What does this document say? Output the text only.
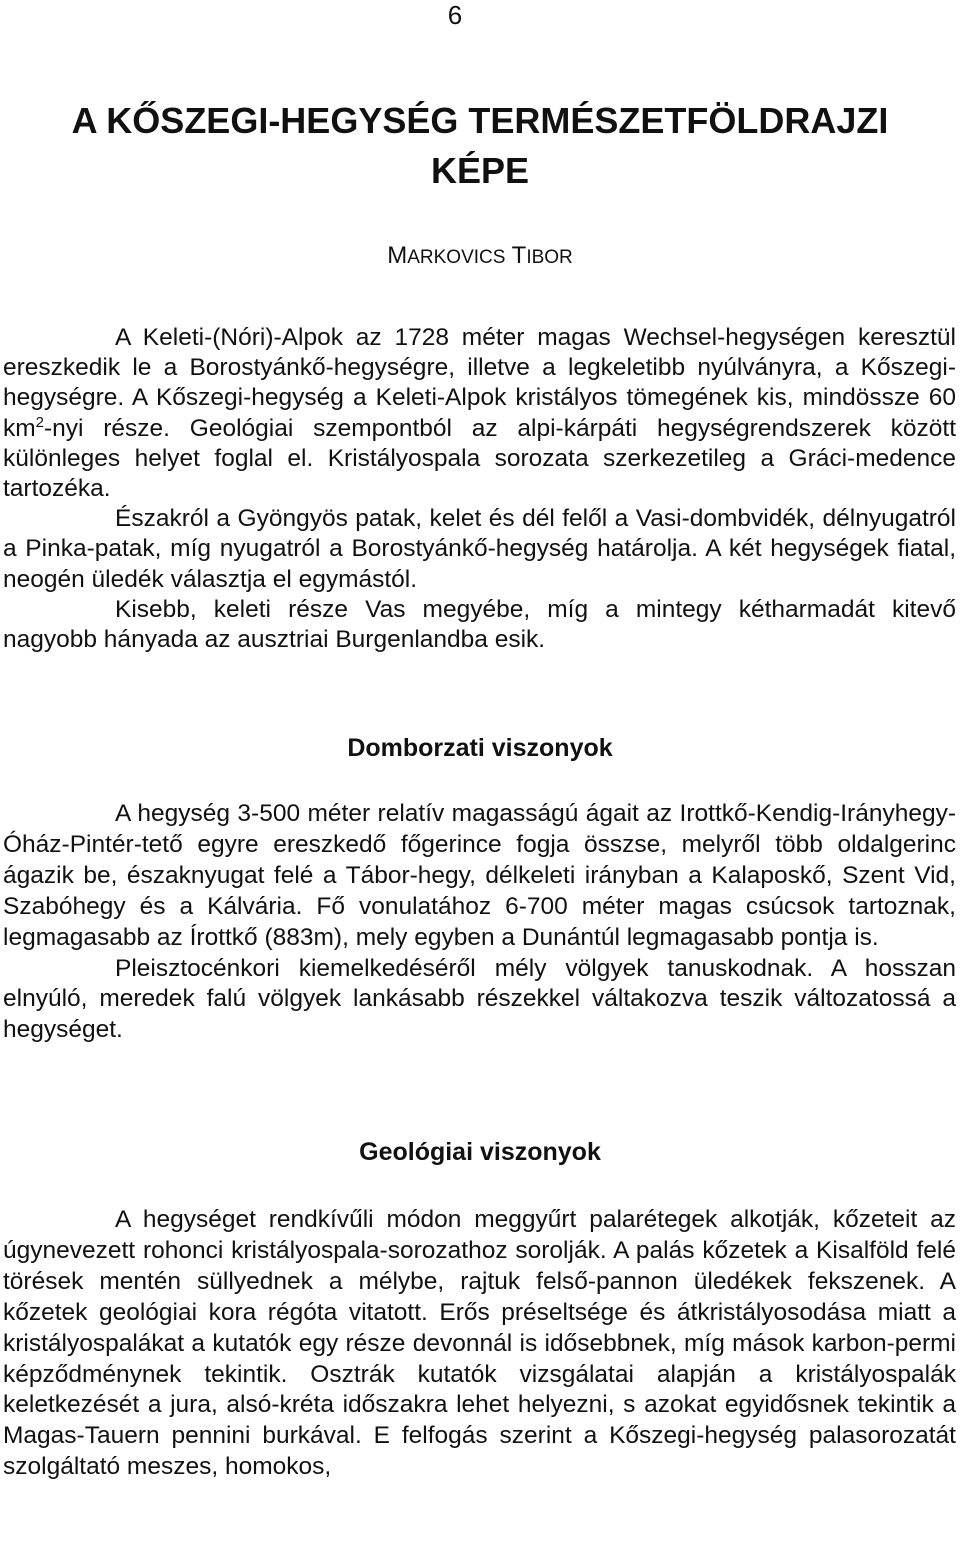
6
A KŐSZEGI-HEGYSÉG TERMÉSZETFÖLDRAJZI
KÉPE
MARKOVICS TIBOR

A Keleti-(Nóri)-Alpok az 1728 méter magas Wechsel-hegységen keresztül ereszkedik le a Borostyánkő-hegységre, illetve a legkeletibb nyúlványra, a Kőszegi-hegységre. A Kőszegi-hegység a Keleti-Alpok kristályos tömegének kis, mindössze 60 $km^2$-nyi része. Geológiai szempontból az alpi-kárpáti hegységrendszerek között különleges helyet foglal el. Kristályospala sorozata szerkezetileg a Gráci-medence tartozéka.

Északról a Gyöngyös patak, kelet és dél felől a Vasi-dombvidék, délnyugatról a Pinka-patak, míg nyugatról a Borostyánkő-hegység határolja. A két hegységek fiatal, neogén üledék választja el egymástól.

Kisebb, keleti része Vas megyébe, míg a mintegy kétharmadát kitevő nagyobb hányada az ausztriai Burgenlandba esik.

Domborzati viszonyok

A hegység 3-500 méter relatív magasságú ágait az Irottkő-Kendig-Irányhegy-Óház-Pintér-tető egyre ereszkedő főgerince fogja összse, melyről több oldalgerinc ágazik be, északnyugat felé a Tábor-hegy, délkeleti irányban a Kalaposkő, Szent Vid, Szabóhegy és a Kálvária. Fő vonulatához 6-700 méter magas csúcsok tartoznak, legmagasabb az Írottkő (883m), mely egyben a Dunántúl legmagasabb pontja is.

Pleisztocénkori kiemelkedéséről mély völgyek tanuskodnak. A hosszan elnyúló, meredek falú völgyek lankásabb részekkel váltakozva teszik változatossá a hegységet.

Geológiai viszonyok

A hegységet rendkívűli módon meggyűrt palarétegek alkotják, kőzeteit az úgynevezett rohonci kristályospala-sorozathoz sorolják. A palás kőzetek a Kisalföld felé törések mentén süllyednek a mélybe, rajtuk felső-pannon üledékek fekszenek. A kőzetek geológiai kora régóta vitatott. Erős préseltsége és átkristályosodása miatt a kristályospalákat a kutatók egy része devonnál is idősebbnek, míg mások karbon-permi képződménynek tekintik. Osztrák kutatók vizsgálatai alapján a kristályospalák keletkezését a jura, alsó-kréta időszakra lehet helyezni, s azokat egyidősnek tekintik a Magas-Tauern pennini burkával. E felfogás szerint a Kőszegi-hegység palasorozatát szolgáltató meszes, homokos,
